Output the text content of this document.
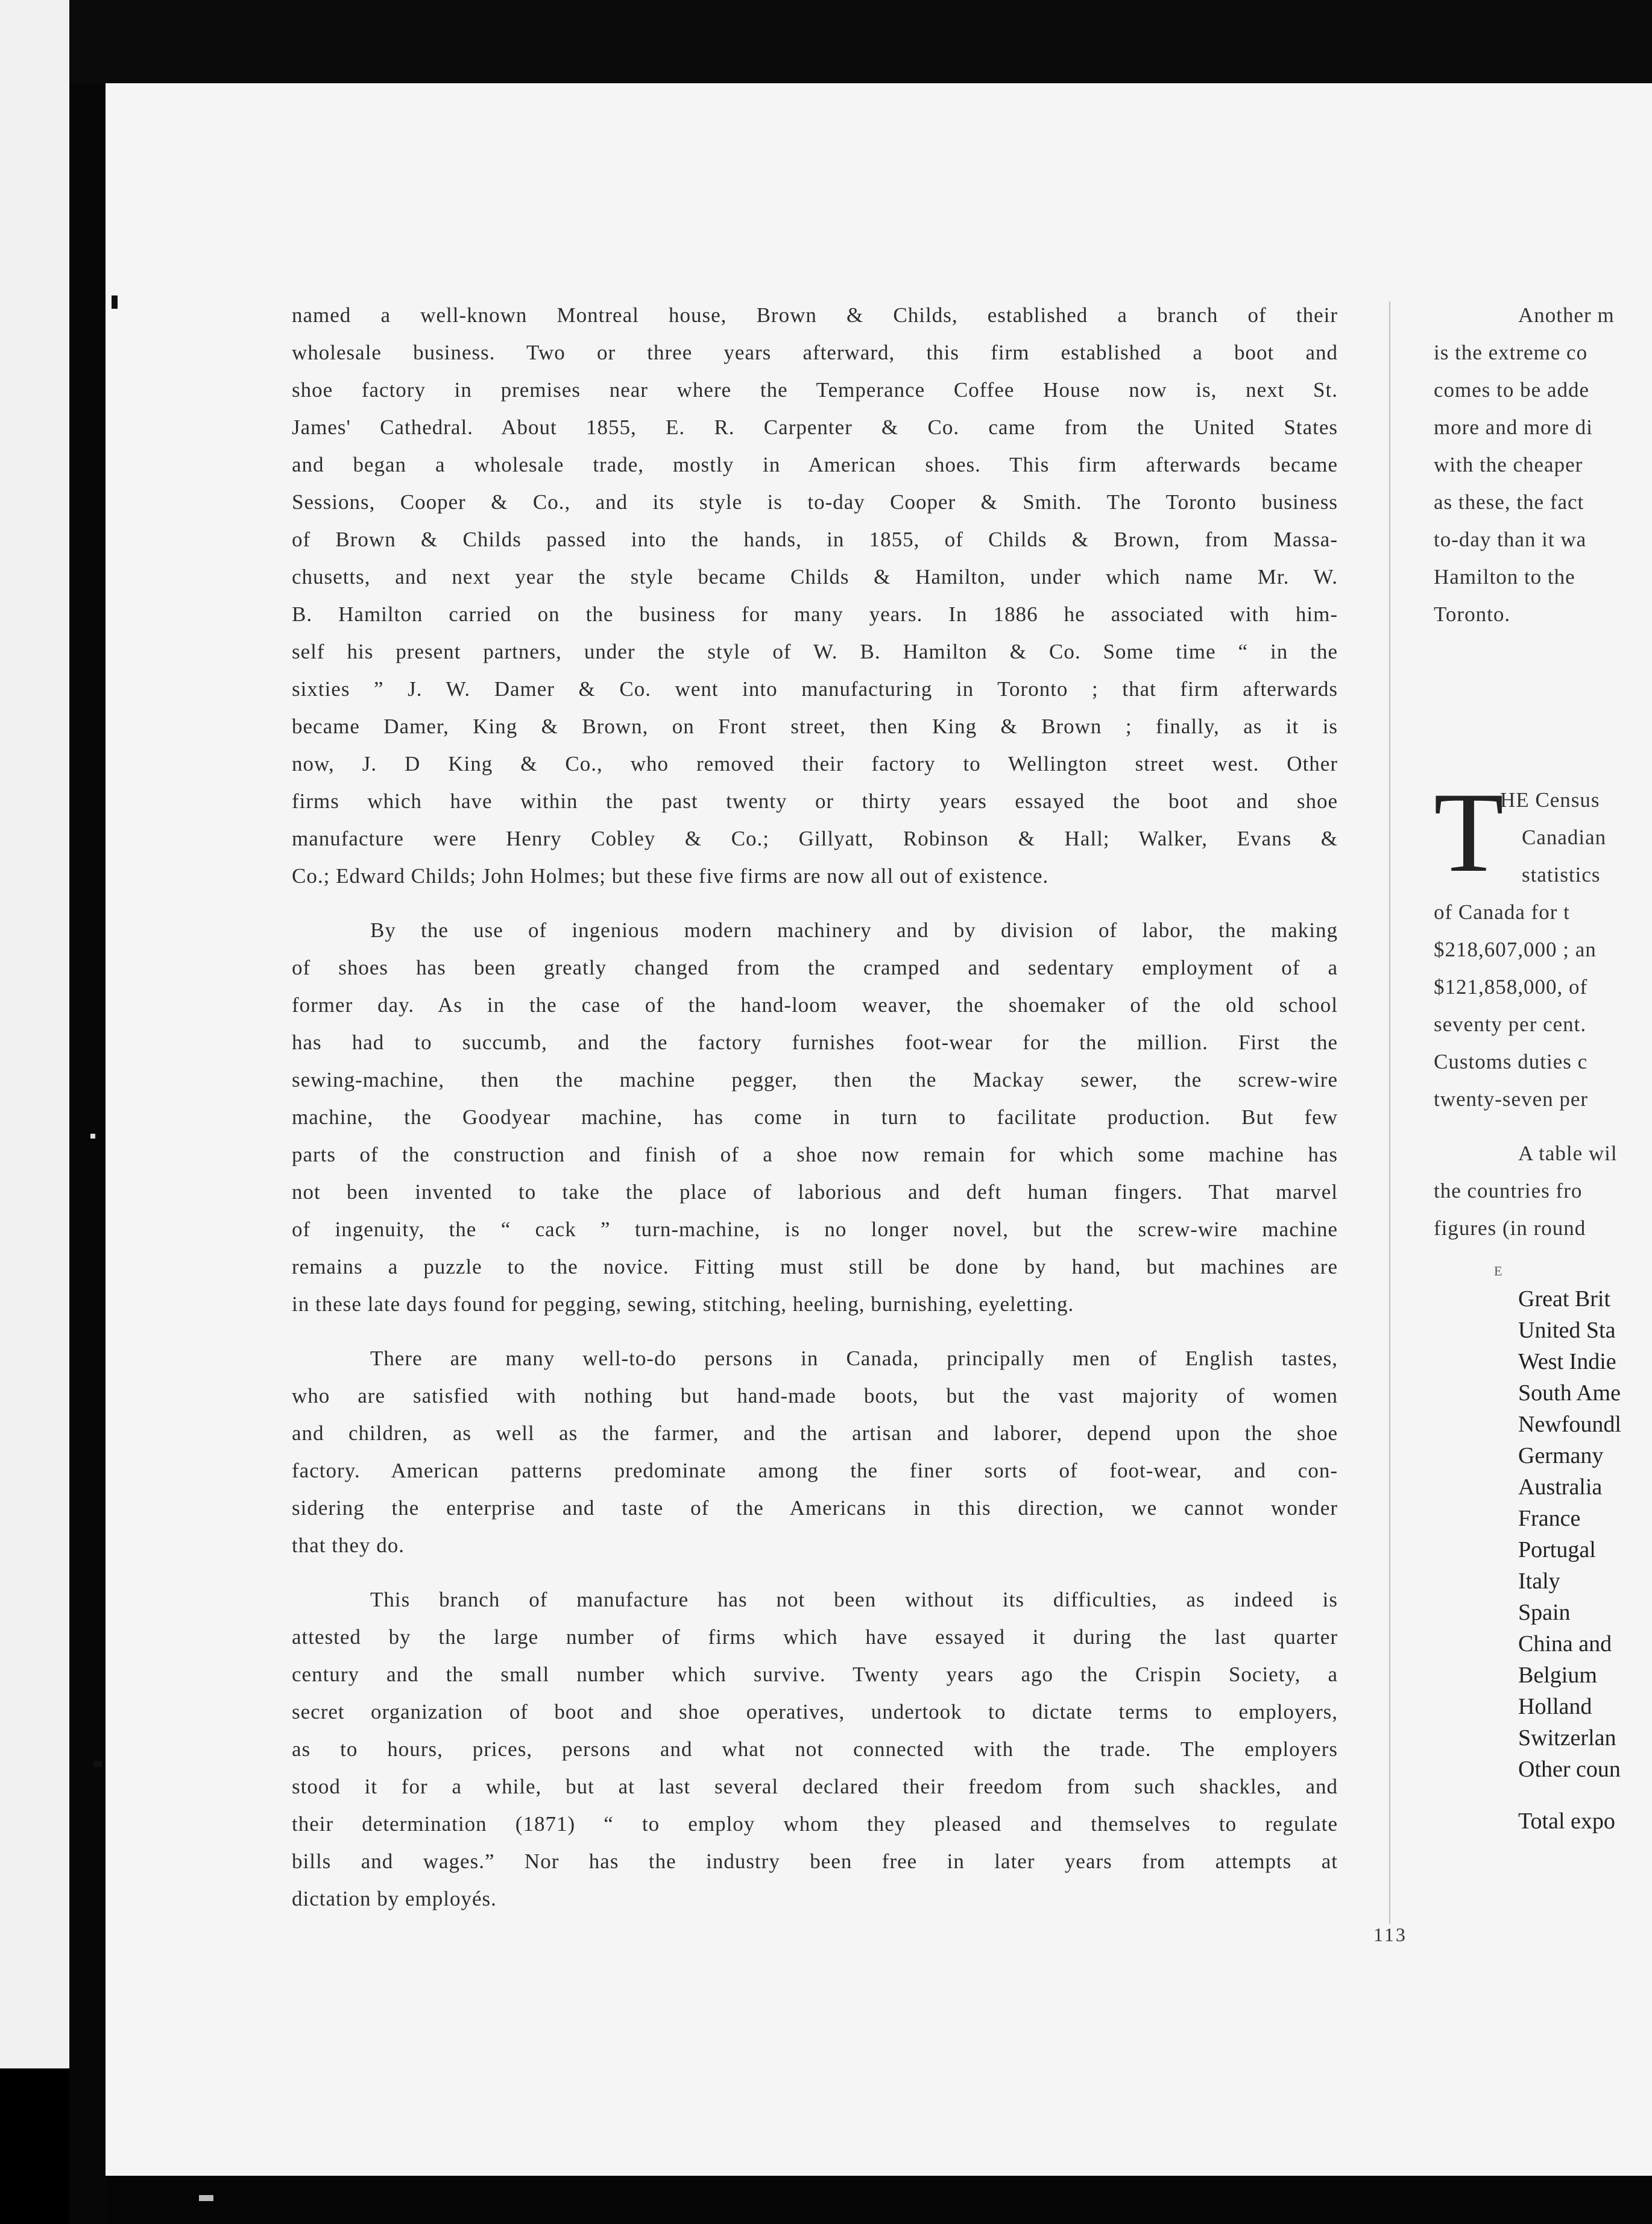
named a well-known Montreal house, Brown & Childs, established a branch of their
wholesale business. Two or three years afterward, this firm established a boot and
shoe factory in premises near where the Temperance Coffee House now is, next St.
James' Cathedral. About 1855, E. R. Carpenter & Co. came from the United States
and began a wholesale trade, mostly in American shoes. This firm afterwards became
Sessions, Cooper & Co., and its style is to-day Cooper & Smith. The Toronto business
of Brown & Childs passed into the hands, in 1855, of Childs & Brown, from Massa-
chusetts, and next year the style became Childs & Hamilton, under which name Mr. W.
B. Hamilton carried on the business for many years. In 1886 he associated with him-
self his present partners, under the style of W. B. Hamilton & Co. Some time “ in the
sixties ” J. W. Damer & Co. went into manufacturing in Toronto ; that firm afterwards
became Damer, King & Brown, on Front street, then King & Brown ; finally, as it is
now, J. D King & Co., who removed their factory to Wellington street west. Other
firms which have within the past twenty or thirty years essayed the boot and shoe
manufacture were Henry Cobley & Co.; Gillyatt, Robinson & Hall; Walker, Evans &
Co.; Edward Childs; John Holmes; but these five firms are now all out of existence.
By the use of ingenious modern machinery and by division of labor, the making
of shoes has been greatly changed from the cramped and sedentary employment of a
former day. As in the case of the hand-loom weaver, the shoemaker of the old school
has had to succumb, and the factory furnishes foot-wear for the million. First the
sewing-machine, then the machine pegger, then the Mackay sewer, the screw-wire
machine, the Goodyear machine, has come in turn to facilitate production. But few
parts of the construction and finish of a shoe now remain for which some machine has
not been invented to take the place of laborious and deft human fingers. That marvel
of ingenuity, the “ cack ” turn-machine, is no longer novel, but the screw-wire machine
remains a puzzle to the novice. Fitting must still be done by hand, but machines are
in these late days found for pegging, sewing, stitching, heeling, burnishing, eyeletting.
There are many well-to-do persons in Canada, principally men of English tastes,
who are satisfied with nothing but hand-made boots, but the vast majority of women
and children, as well as the farmer, and the artisan and laborer, depend upon the shoe
factory. American patterns predominate among the finer sorts of foot-wear, and con-
sidering the enterprise and taste of the Americans in this direction, we cannot wonder
that they do.
This branch of manufacture has not been without its difficulties, as indeed is
attested by the large number of firms which have essayed it during the last quarter
century and the small number which survive. Twenty years ago the Crispin Society, a
secret organization of boot and shoe operatives, undertook to dictate terms to employers,
as to hours, prices, persons and what not connected with the trade. The employers
stood it for a while, but at last several declared their freedom from such shackles, and
their determination (1871) “ to employ whom they pleased and themselves to regulate
bills and wages.” Nor has the industry been free in later years from attempts at
dictation by employés.
Another m
is the extreme co
comes to be adde
more and more di
with the cheaper
as these, the fact
to-day than it wa
Hamilton to the
Toronto.
T
HE Census
Canadian
statistics
of Canada for t
$218,607,000 ; an
$121,858,000, of
seventy per cent.
Customs duties c
twenty-seven per
A table wil
the countries fro
figures (in round
E
Great Brit
United Sta
West Indie
South Ame
Newfoundl
Germany
Australia
France
Portugal
Italy
Spain
China and
Belgium
Holland
Switzerlan
Other coun
Total expo
113
